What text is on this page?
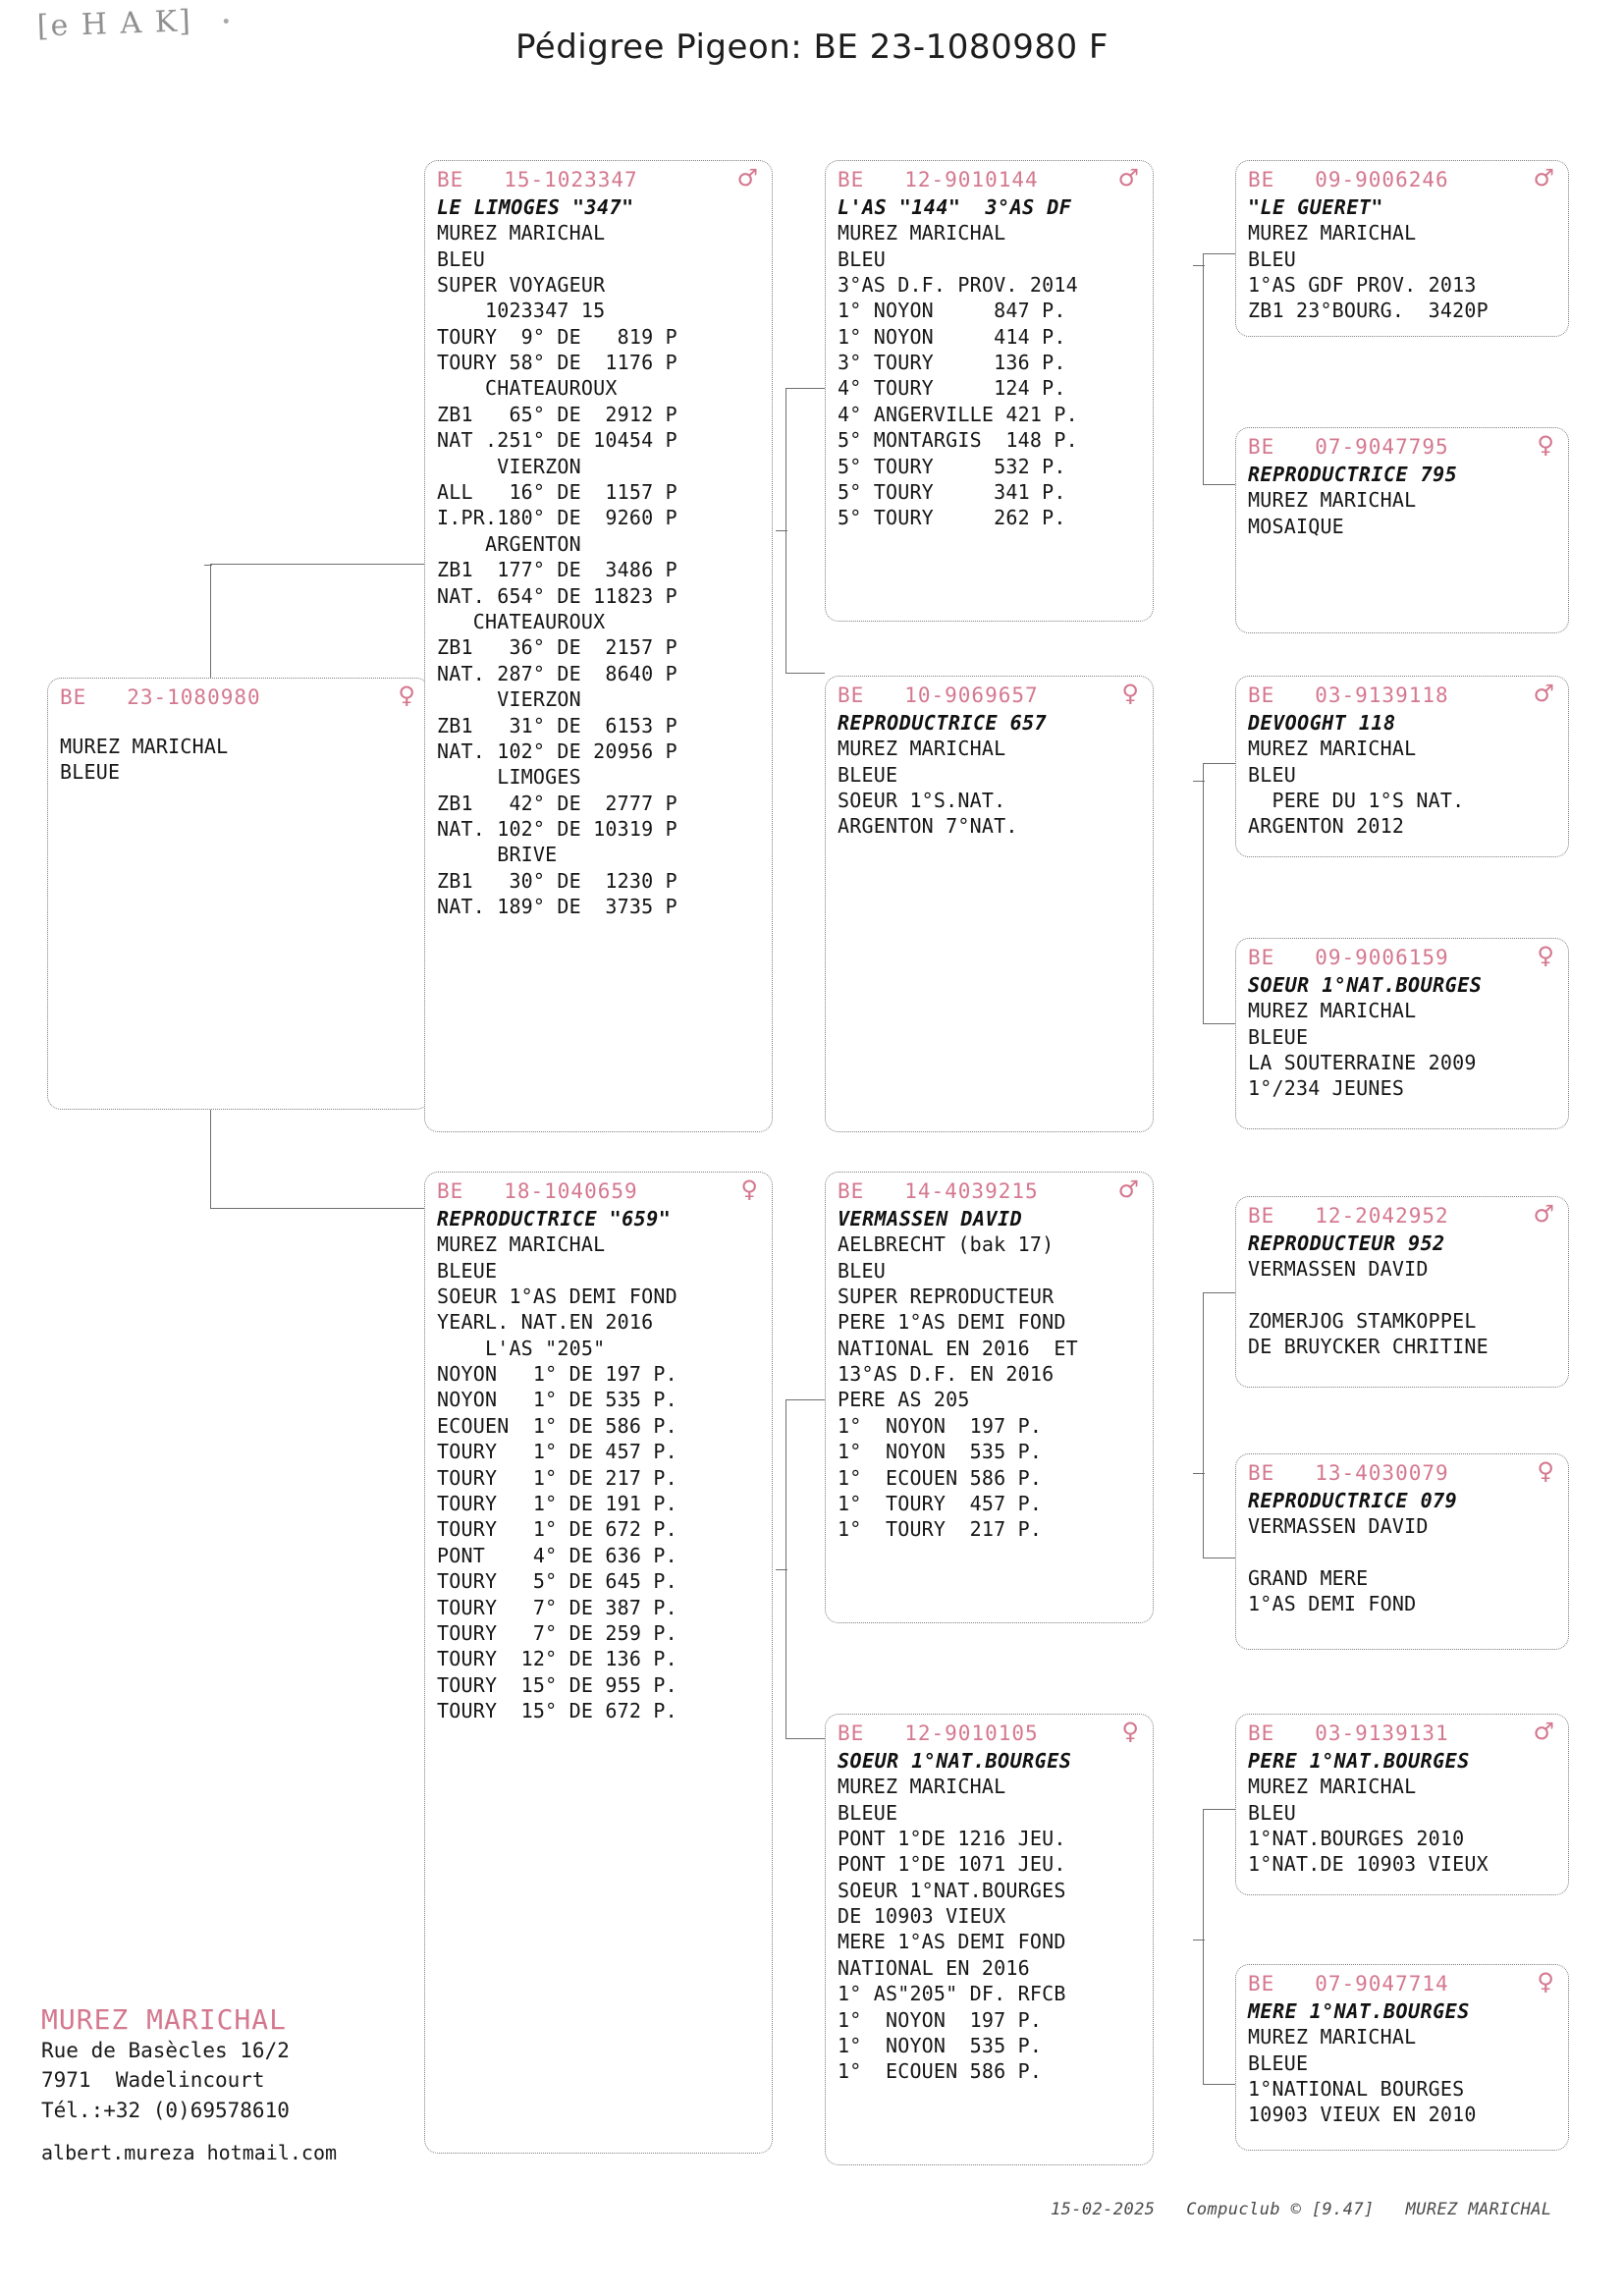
[e H A K]
Pédigree Pigeon: BE 23-1080980 F
BE   23-1080980	♀
MUREZ MARICHAL
BLEUE
BE   15-1023347	♂
LE LIMOGES "347"
MUREZ MARICHAL
BLEU
SUPER VOYAGEUR
1023347 15
TOURY  9° DE   819 P
TOURY 58° DE  1176 P
CHATEAUROUX
ZB1   65° DE  2912 P
NAT .251° DE 10454 P
VIERZON
ALL   16° DE  1157 P
I.PR.180° DE  9260 P
ARGENTON
ZB1  177° DE  3486 P
NAT. 654° DE 11823 P
CHATEAUROUX
ZB1   36° DE  2157 P
NAT. 287° DE  8640 P
VIERZON
ZB1   31° DE  6153 P
NAT. 102° DE 20956 P
LIMOGES
ZB1   42° DE  2777 P
NAT. 102° DE 10319 P
BRIVE
ZB1   30° DE  1230 P
NAT. 189° DE  3735 P
BE   12-9010144	♂
L'AS "144"  3°AS DF
MUREZ MARICHAL
BLEU
3°AS D.F. PROV. 2014
1° NOYON     847 P.
1° NOYON     414 P.
3° TOURY     136 P.
4° TOURY     124 P.
4° ANGERVILLE 421 P.
5° MONTARGIS  148 P.
5° TOURY     532 P.
5° TOURY     341 P.
5° TOURY     262 P.
BE   10-9069657	♀
REPRODUCTRICE 657
MUREZ MARICHAL
BLEUE
SOEUR 1°S.NAT.
ARGENTON 7°NAT.
BE   09-9006246	♂
"LE GUERET"
MUREZ MARICHAL
BLEU
1°AS GDF PROV. 2013
ZB1 23°BOURG.  3420P
BE   07-9047795	♀
REPRODUCTRICE 795
MUREZ MARICHAL
MOSAIQUE
BE   03-9139118	♂
DEVOOGHT 118
MUREZ MARICHAL
BLEU
PERE DU 1°S NAT.
ARGENTON 2012
BE   09-9006159	♀
SOEUR 1°NAT.BOURGES
MUREZ MARICHAL
BLEUE
LA SOUTERRAINE 2009
1°/234 JEUNES
BE   18-1040659	♀
REPRODUCTRICE "659"
MUREZ MARICHAL
BLEUE
SOEUR 1°AS DEMI FOND
YEARL. NAT.EN 2016
L'AS "205"
NOYON   1° DE 197 P.
NOYON   1° DE 535 P.
ECOUEN  1° DE 586 P.
TOURY   1° DE 457 P.
TOURY   1° DE 217 P.
TOURY   1° DE 191 P.
TOURY   1° DE 672 P.
PONT    4° DE 636 P.
TOURY   5° DE 645 P.
TOURY   7° DE 387 P.
TOURY   7° DE 259 P.
TOURY  12° DE 136 P.
TOURY  15° DE 955 P.
TOURY  15° DE 672 P.
BE   14-4039215	♂
VERMASSEN DAVID
AELBRECHT (bak 17)
BLEU
SUPER REPRODUCTEUR
PERE 1°AS DEMI FOND
NATIONAL EN 2016  ET
13°AS D.F. EN 2016
PERE AS 205
1°  NOYON  197 P.
1°  NOYON  535 P.
1°  ECOUEN 586 P.
1°  TOURY  457 P.
1°  TOURY  217 P.
BE   12-9010105	♀
SOEUR 1°NAT.BOURGES
MUREZ MARICHAL
BLEUE
PONT 1°DE 1216 JEU.
PONT 1°DE 1071 JEU.
SOEUR 1°NAT.BOURGES
DE 10903 VIEUX
MERE 1°AS DEMI FOND
NATIONAL EN 2016
1° AS"205" DF. RFCB
1°  NOYON  197 P.
1°  NOYON  535 P.
1°  ECOUEN 586 P.
BE   12-2042952	♂
REPRODUCTEUR 952
VERMASSEN DAVID
ZOMERJOG STAMKOPPEL
DE BRUYCKER CHRITINE
BE   13-4030079	♀
REPRODUCTRICE 079
VERMASSEN DAVID
GRAND MERE
1°AS DEMI FOND
BE   03-9139131	♂
PERE 1°NAT.BOURGES
MUREZ MARICHAL
BLEU
1°NAT.BOURGES 2010
1°NAT.DE 10903 VIEUX
BE   07-9047714	♀
MERE 1°NAT.BOURGES
MUREZ MARICHAL
BLEUE
1°NATIONAL BOURGES
10903 VIEUX EN 2010
MUREZ MARICHAL
Rue de Basècles 16/2
7971  Wadelincourt
Tél.:+32 (0)69578610
albert.mureza hotmail.com
15-02-2025   Compuclub © [9.47]   MUREZ MARICHAL
